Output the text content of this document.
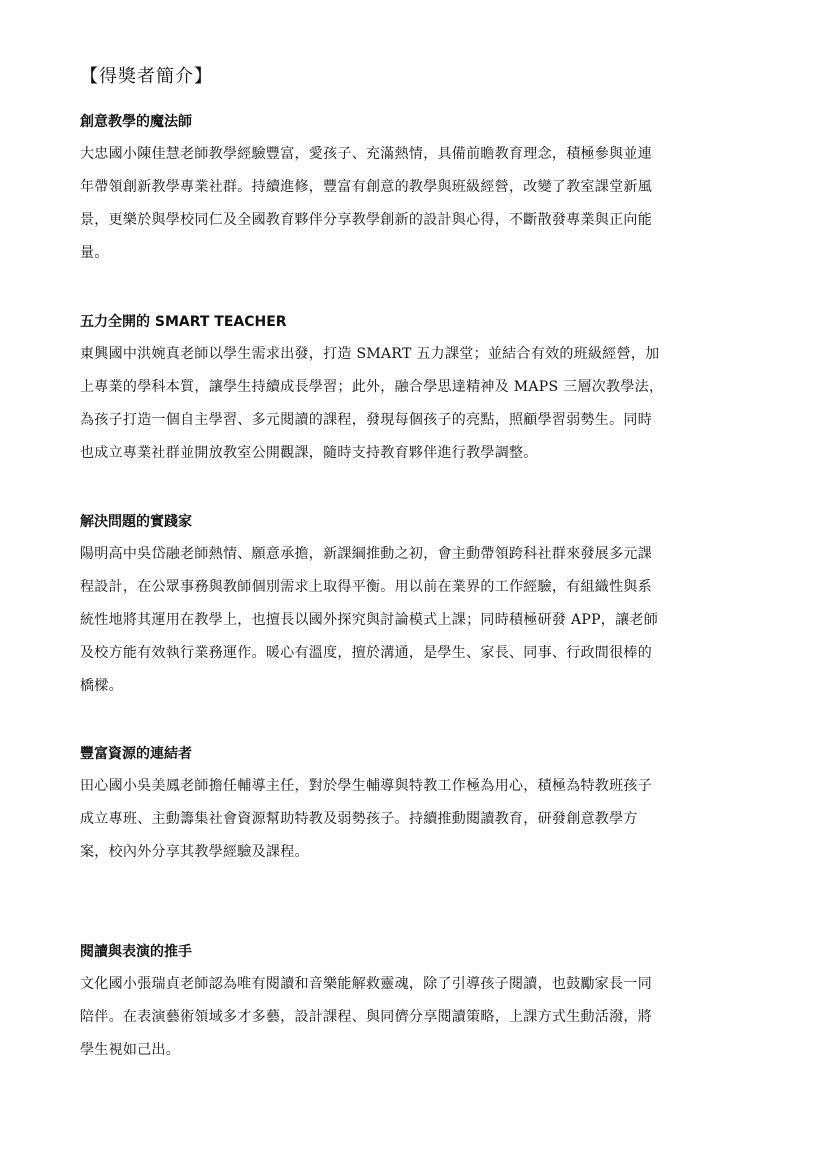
【得獎者簡介】
創意教學的魔法師
大忠國小陳佳慧老師教學經驗豐富，愛孩子、充滿熱情，具備前瞻教育理念，積極參與並連
年帶領創新教學專業社群。持續進修，豐富有創意的教學與班級經營，改變了教室課堂新風
景，更樂於與學校同仁及全國教育夥伴分享教學創新的設計與心得，不斷散發專業與正向能
量。
五力全開的 SMART TEACHER
東興國中洪婉真老師以學生需求出發，打造 SMART 五力課堂；並結合有效的班級經營，加
上專業的學科本質，讓學生持續成長學習；此外，融合學思達精神及 MAPS 三層次教學法，
為孩子打造一個自主學習、多元閱讀的課程，發現每個孩子的亮點，照顧學習弱勢生。同時
也成立專業社群並開放教室公開觀課，隨時支持教育夥伴進行教學調整。
解決問題的實踐家
陽明高中吳岱融老師熱情、願意承擔，新課綱推動之初，會主動帶領跨科社群來發展多元課
程設計，在公眾事務與教師個別需求上取得平衡。用以前在業界的工作經驗，有組織性與系
統性地將其運用在教學上，也擅長以國外探究與討論模式上課；同時積極研發 APP，讓老師
及校方能有效執行業務運作。暖心有溫度，擅於溝通，是學生、家長、同事、行政間很棒的
橋樑。
豐富資源的連結者
田心國小吳美鳳老師擔任輔導主任，對於學生輔導與特教工作極為用心，積極為特教班孩子
成立專班、主動籌集社會資源幫助特教及弱勢孩子。持續推動閱讀教育，研發創意教學方
案，校內外分享其教學經驗及課程。
閱讀與表演的推手
文化國小張瑞貞老師認為唯有閱讀和音樂能解救靈魂，除了引導孩子閱讀，也鼓勵家長一同
陪伴。在表演藝術領域多才多藝，設計課程、與同儕分享閱讀策略，上課方式生動活潑，將
學生視如己出。
